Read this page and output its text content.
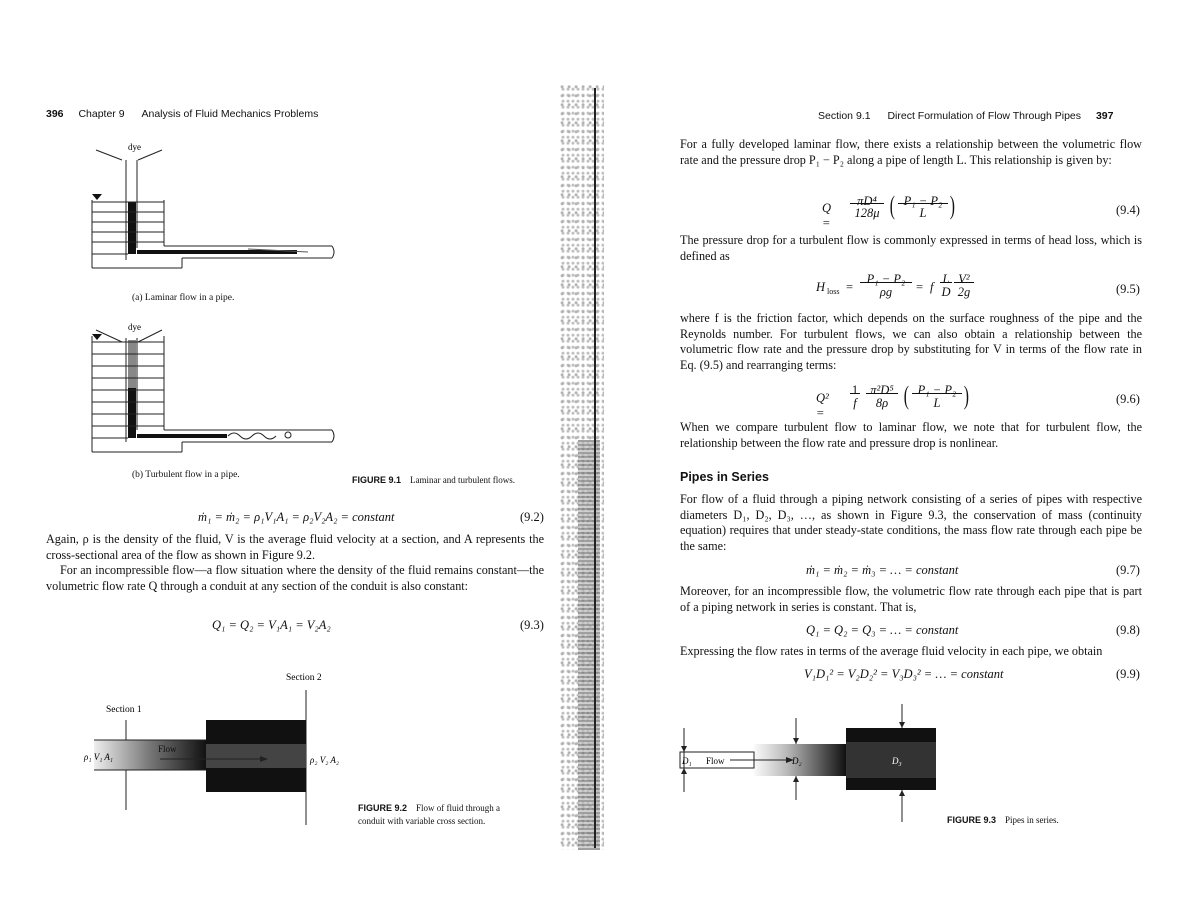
396 Chapter 9 Analysis of Fluid Mechanics Problems
dye
(a) Laminar flow in a pipe.
dye
(b) Turbulent flow in a pipe.	FIGURE 9.1 Laminar and turbulent flows.
ṁ₁ = ṁ₂ = ρ₁V₁A₁ = ρ₂V₂A₂ = constant	(9.2)
Again, ρ is the density of the fluid, V is the average fluid velocity at a section, and A represents the cross-sectional area of the flow as shown in Figure 9.2.
For an incompressible flow—a flow situation where the density of the fluid remains constant—the volumetric flow rate Q through a conduit at any section of the conduit is also constant:
Q₁ = Q₂ = V₁A₁ = V₂A₂	(9.3)
Section 2
Section 1
Flow
ρ₁ V₁ A₁	ρ₂ V₂ A₂
FIGURE 9.2 Flow of fluid through a
conduit with variable cross section.
Section 9.1 Direct Formulation of Flow Through Pipes 397
For a fully developed laminar flow, there exists a relationship between the volumetric flow rate and the pressure drop P₁ − P₂ along a pipe of length L. This relationship is given by:
Q =
πD⁴
128μ ( P₁ − P₂
L )	(9.4)
The pressure drop for a turbulent flow is commonly expressed in terms of head loss, which is defined as
H loss =
P₁ − P₂
ρg	= f
L
D
V²
2g	(9.5)
where f is the friction factor, which depends on the surface roughness of the pipe and the Reynolds number. For turbulent flows, we can also obtain a relationship between the volumetric flow rate and the pressure drop by substituting for V in terms of the flow rate in Eq. (9.5) and rearranging terms:
Q² =
1
f
π²D⁵
8ρ ( P₁ − P₂
L )	(9.6)
When we compare turbulent flow to laminar flow, we note that for turbulent flow, the relationship between the flow rate and pressure drop is nonlinear.
Pipes in Series
For flow of a fluid through a piping network consisting of a series of pipes with respective diameters D₁, D₂, D₃, …, as shown in Figure 9.3, the conservation of mass (continuity equation) requires that under steady-state conditions, the mass flow rate through each pipe be the same:
ṁ₁ = ṁ₂ = ṁ₃ = … = constant	(9.7)
Moreover, for an incompressible flow, the volumetric flow rate through each pipe that is part of a piping network in series is constant. That is,
Q₁ = Q₂ = Q₃ = … = constant	(9.8)
Expressing the flow rates in terms of the average fluid velocity in each pipe, we obtain
V₁D₁² = V₂D₂² = V₃D₃² = … = constant	(9.9)
D₁ Flow	D₂	D₃
FIGURE 9.3 Pipes in series.
